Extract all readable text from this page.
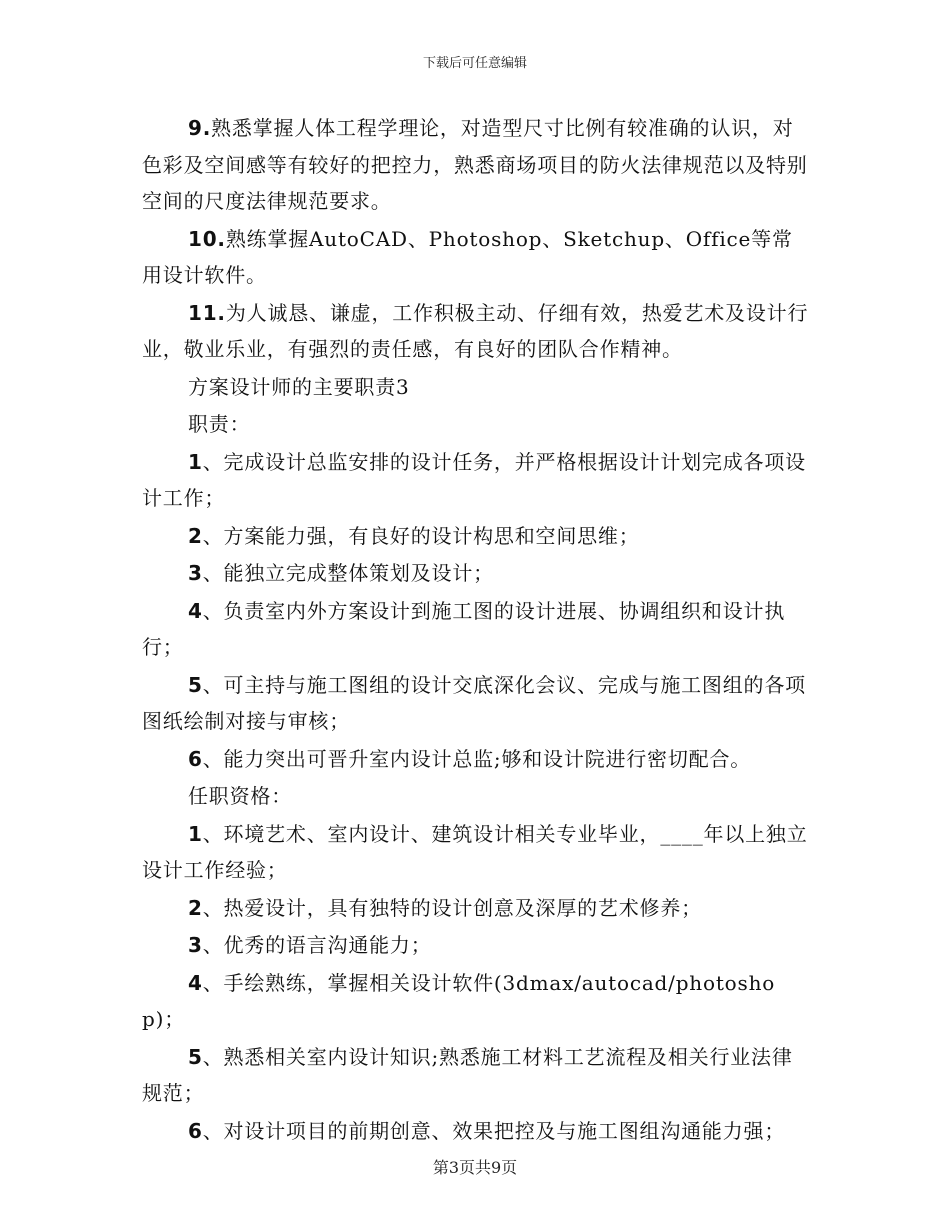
下载后可任意编辑

9.熟悉掌握人体工程学理论，对造型尺寸比例有较准确的认识，对色彩及空间感等有较好的把控力，熟悉商场项目的防火法律规范以及特别空间的尺度法律规范要求。

10.熟练掌握AutoCAD、Photoshop、Sketchup、Office等常用设计软件。

11.为人诚恳、谦虚，工作积极主动、仔细有效，热爱艺术及设计行业，敬业乐业，有强烈的责任感，有良好的团队合作精神。

方案设计师的主要职责3

职责：

1、完成设计总监安排的设计任务，并严格根据设计计划完成各项设计工作；

2、方案能力强，有良好的设计构思和空间思维；

3、能独立完成整体策划及设计；

4、负责室内外方案设计到施工图的设计进展、协调组织和设计执行；

5、可主持与施工图组的设计交底深化会议、完成与施工图组的各项图纸绘制对接与审核；

6、能力突出可晋升室内设计总监;够和设计院进行密切配合。

任职资格：

1、环境艺术、室内设计、建筑设计相关专业毕业，____年以上独立设计工作经验；

2、热爱设计，具有独特的设计创意及深厚的艺术修养；

3、优秀的语言沟通能力；

4、手绘熟练，掌握相关设计软件(3dmax/autocad/photoshop)；

5、熟悉相关室内设计知识;熟悉施工材料工艺流程及相关行业法律规范；

6、对设计项目的前期创意、效果把控及与施工图组沟通能力强；

第3页共9页
